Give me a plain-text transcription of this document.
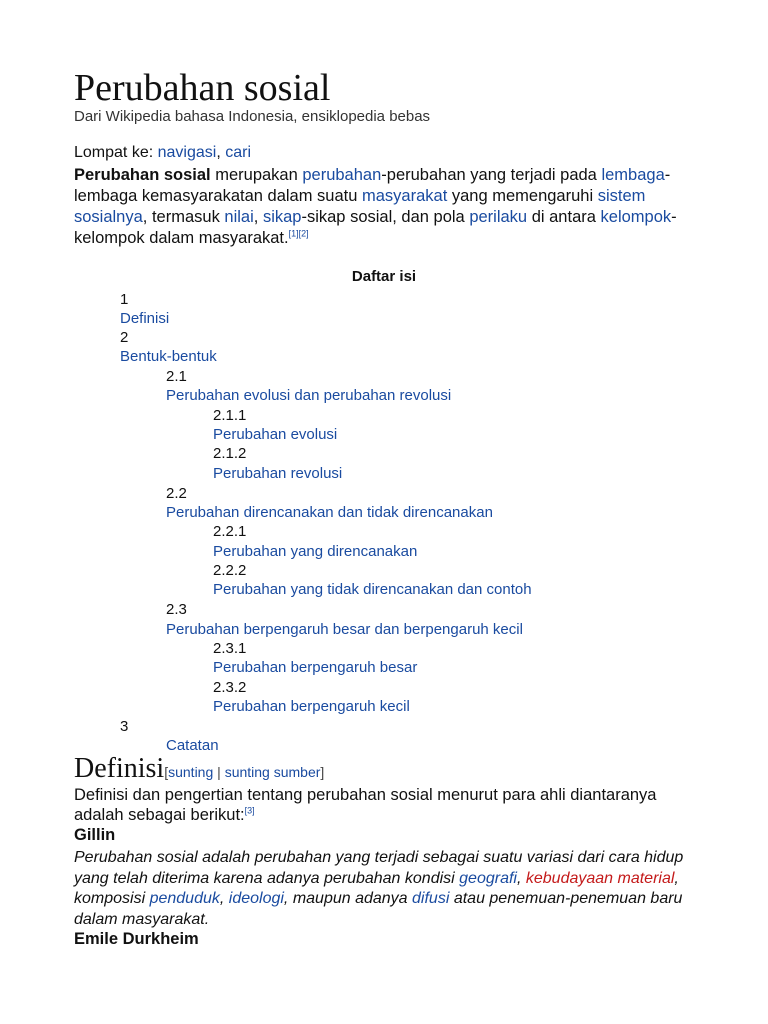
Perubahan sosial
Dari Wikipedia bahasa Indonesia, ensiklopedia bebas
Lompat ke: navigasi, cari
Perubahan sosial merupakan perubahan-perubahan yang terjadi pada lembaga-lembaga kemasyarakatan dalam suatu masyarakat yang memengaruhi sistem sosialnya, termasuk nilai, sikap-sikap sosial, dan pola perilaku di antara kelompok-kelompok dalam masyarakat.[1][2]
Daftar isi
1
Definisi
2
Bentuk-bentuk
2.1
Perubahan evolusi dan perubahan revolusi
2.1.1
Perubahan evolusi
2.1.2
Perubahan revolusi
2.2
Perubahan direncanakan dan tidak direncanakan
2.2.1
Perubahan yang direncanakan
2.2.2
Perubahan yang tidak direncanakan dan contoh
2.3
Perubahan berpengaruh besar dan berpengaruh kecil
2.3.1
Perubahan berpengaruh besar
2.3.2
Perubahan berpengaruh kecil
3
Catatan
Definisi[sunting | sunting sumber]
Definisi dan pengertian tentang perubahan sosial menurut para ahli diantaranya adalah sebagai berikut:[3]
Gillin
Perubahan sosial adalah perubahan yang terjadi sebagai suatu variasi dari cara hidup yang telah diterima karena adanya perubahan kondisi geografi, kebudayaan material, komposisi penduduk, ideologi, maupun adanya difusi atau penemuan-penemuan baru dalam masyarakat.
Emile Durkheim
